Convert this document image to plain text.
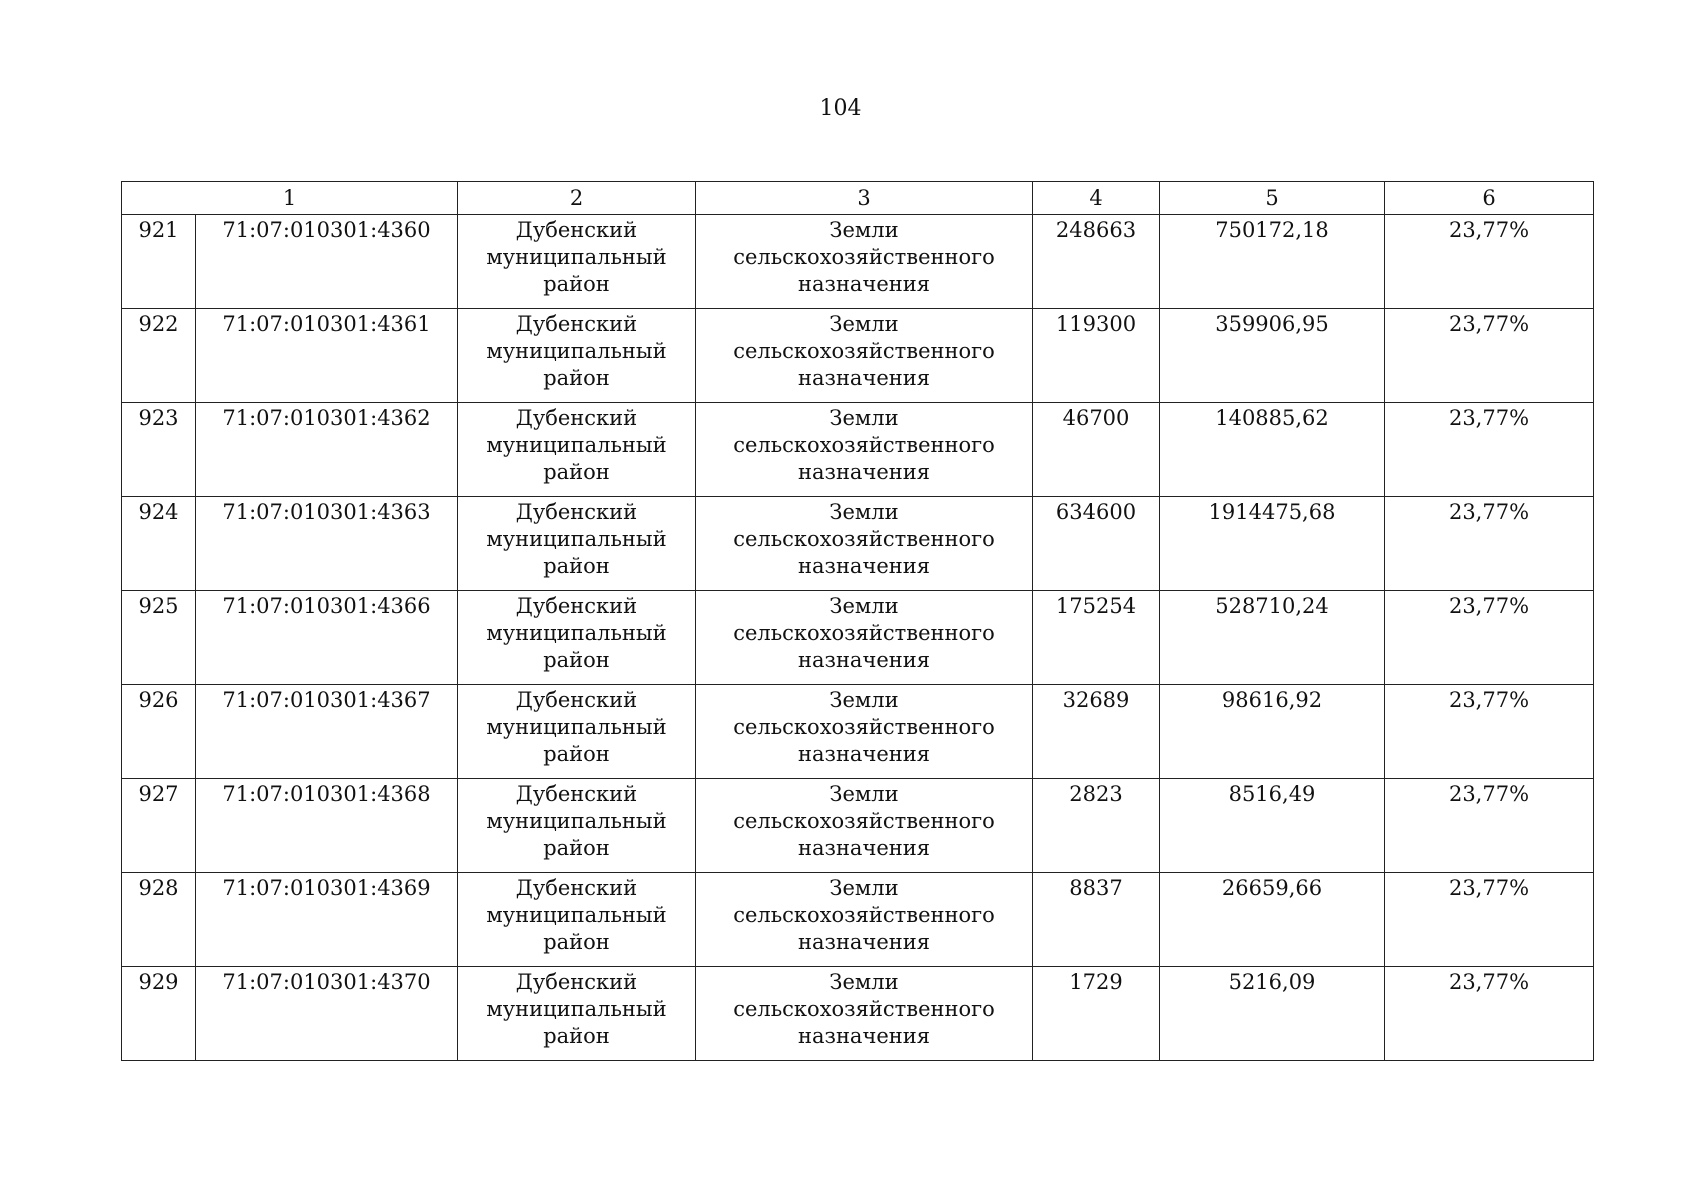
104
1		2	3	4	5	6
921	71:07:010301:4360	Дубенский муниципальный район	Земли сельскохозяйственного назначения	248663	750172,18	23,77%
922	71:07:010301:4361	Дубенский муниципальный район	Земли сельскохозяйственного назначения	119300	359906,95	23,77%
923	71:07:010301:4362	Дубенский муниципальный район	Земли сельскохозяйственного назначения	46700	140885,62	23,77%
924	71:07:010301:4363	Дубенский муниципальный район	Земли сельскохозяйственного назначения	634600	1914475,68	23,77%
925	71:07:010301:4366	Дубенский муниципальный район	Земли сельскохозяйственного назначения	175254	528710,24	23,77%
926	71:07:010301:4367	Дубенский муниципальный район	Земли сельскохозяйственного назначения	32689	98616,92	23,77%
927	71:07:010301:4368	Дубенский муниципальный район	Земли сельскохозяйственного назначения	2823	8516,49	23,77%
928	71:07:010301:4369	Дубенский муниципальный район	Земли сельскохозяйственного назначения	8837	26659,66	23,77%
929	71:07:010301:4370	Дубенский муниципальный район	Земли сельскохозяйственного назначения	1729	5216,09	23,77%
